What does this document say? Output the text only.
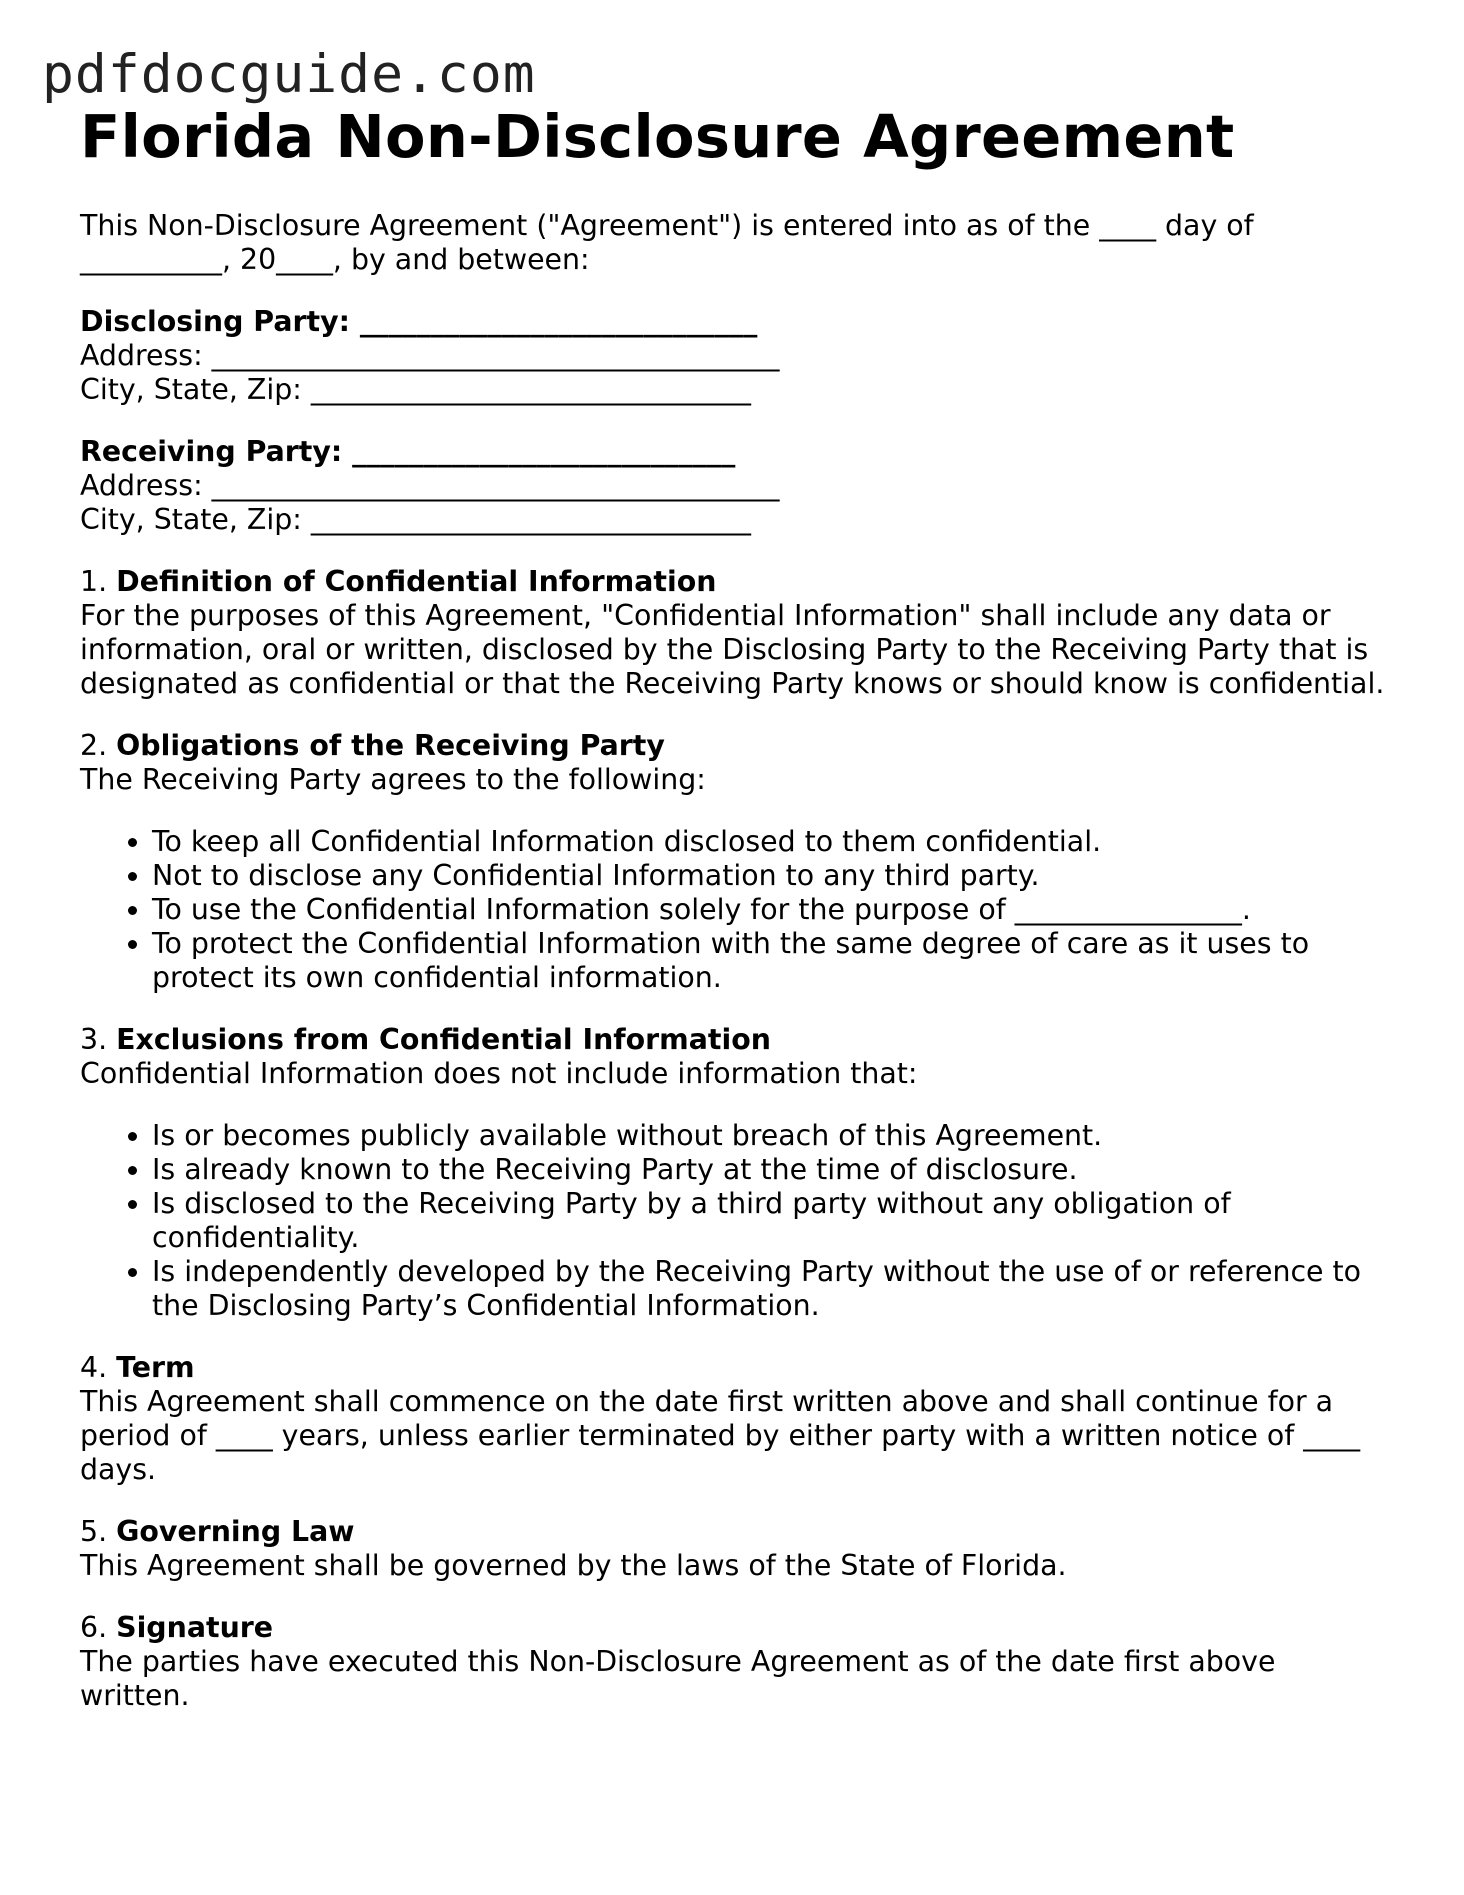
pdfdocguide.com
Florida Non-Disclosure Agreement
This Non-Disclosure Agreement ("Agreement") is entered into as of the ____ day of
__________, 20____, by and between:
Disclosing Party: ____________________________
Address: ________________________________________
City, State, Zip: _______________________________
Receiving Party: ___________________________
Address: ________________________________________
City, State, Zip: _______________________________
1. Definition of Confidential Information
For the purposes of this Agreement, "Confidential Information" shall include any data or information, oral or written, disclosed by the Disclosing Party to the Receiving Party that is designated as confidential or that the Receiving Party knows or should know is confidential.
2. Obligations of the Receiving Party
The Receiving Party agrees to the following:
• To keep all Confidential Information disclosed to them confidential.
• Not to disclose any Confidential Information to any third party.
• To use the Confidential Information solely for the purpose of ________________.
• To protect the Confidential Information with the same degree of care as it uses to protect its own confidential information.
3. Exclusions from Confidential Information
Confidential Information does not include information that:
• Is or becomes publicly available without breach of this Agreement.
• Is already known to the Receiving Party at the time of disclosure.
• Is disclosed to the Receiving Party by a third party without any obligation of confidentiality.
• Is independently developed by the Receiving Party without the use of or reference to the Disclosing Party’s Confidential Information.
4. Term
This Agreement shall commence on the date first written above and shall continue for a period of ____ years, unless earlier terminated by either party with a written notice of ____ days.
5. Governing Law
This Agreement shall be governed by the laws of the State of Florida.
6. Signature
The parties have executed this Non-Disclosure Agreement as of the date first above written.
